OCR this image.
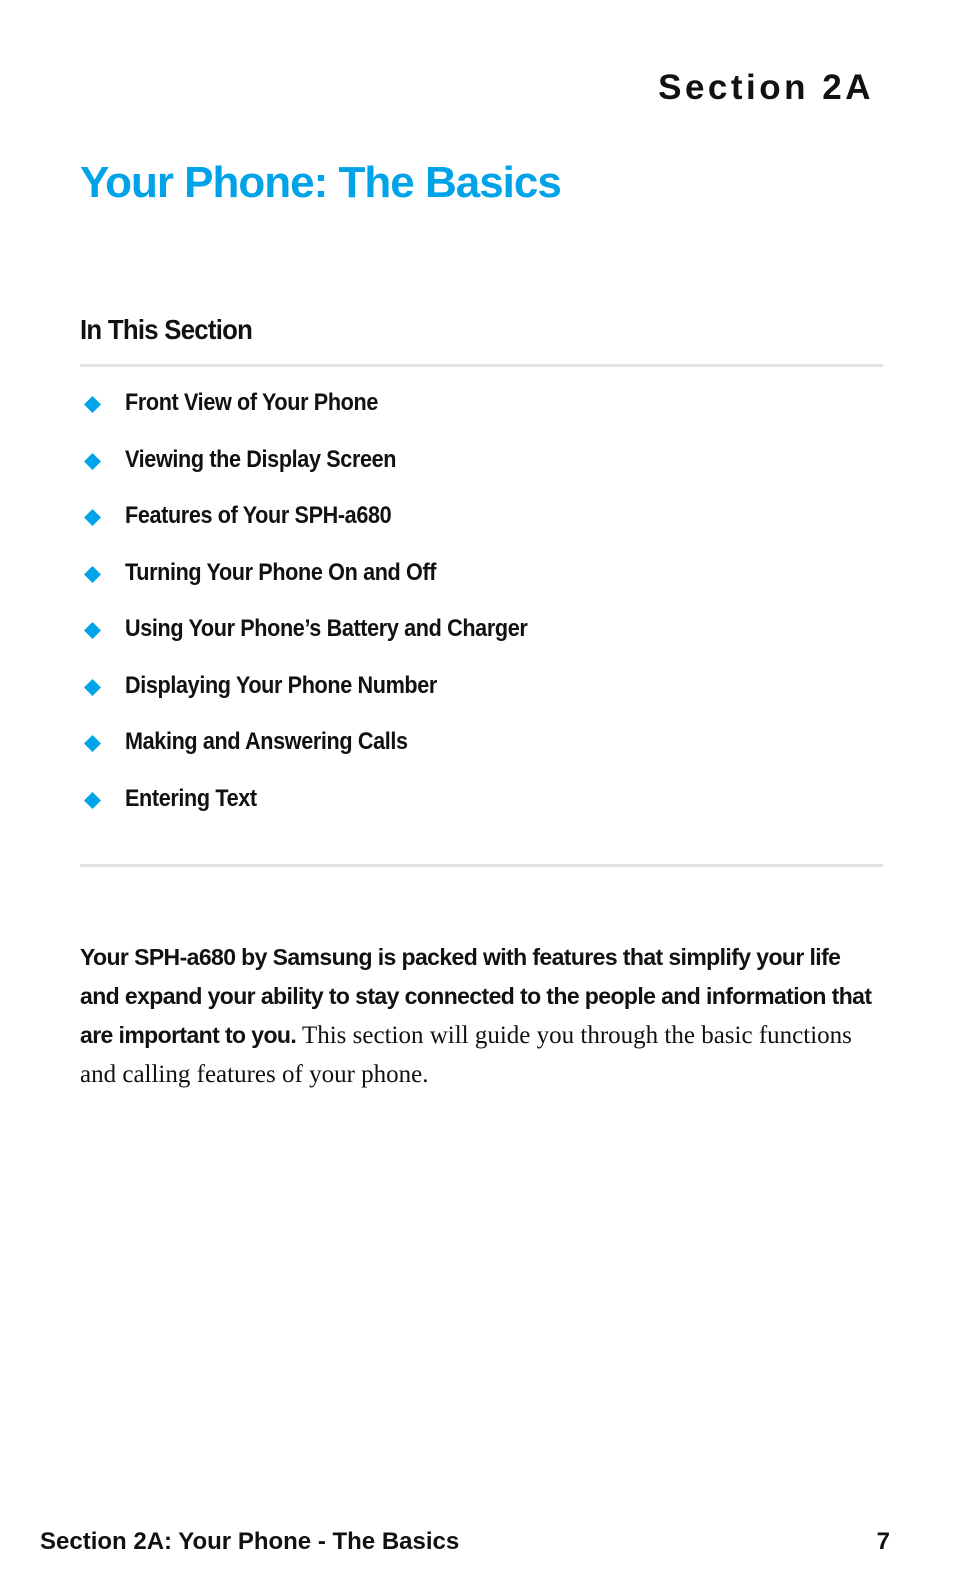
Section 2A
Your Phone: The Basics
In This Section
Front View of Your Phone
Viewing the Display Screen
Features of Your SPH-a680
Turning Your Phone On and Off
Using Your Phone’s Battery and Charger
Displaying Your Phone Number
Making and Answering Calls
Entering Text

Your SPH-a680 by Samsung is packed with features that simplify your life and expand your ability to stay connected to the people and information that are important to you. This section will guide you through the basic functions and calling features of your phone.

Section 2A: Your Phone - The Basics	7
